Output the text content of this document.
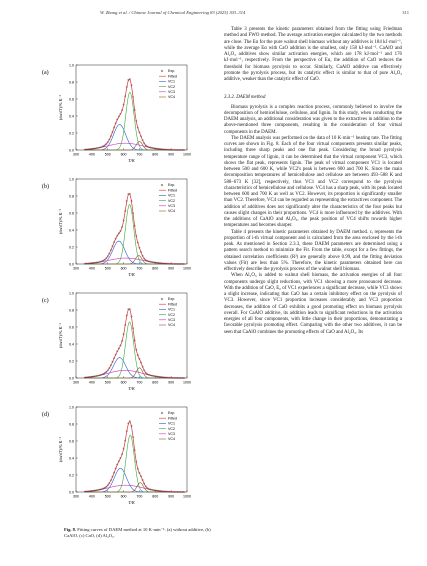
W. Zhang et al. / Chinese Journal of Chemical Engineering 83 (2025) 303–314	311
(a)
300	400	500	600	700	800	900 1000
0.0
0.2
0.4
0.6
0.8
1.0
T/K
(dα/dT)/% K⁻¹
Exp.
Fitted
VC1
VC2
VC3
VC4
(b)
300	400	500	600	700	800	900 1000
0.0
0.2
0.4
0.6
0.8
1.0
T/K
(dα/dT)/% K⁻¹
Exp.
Fitted
VC1
VC2
VC3
VC4
(c)
300	400	500	600	700	800	900 1000
0.0
0.2
0.4
0.6
0.8
1.0
T/K
(dα/dT)/% K⁻¹
Exp.
Fitted
VC1
VC2
VC3
VC4
(d)
300	400	500	600	700	800	900 1000
0.0
0.2
0.4
0.6
0.8
1.0
T/K
(dα/dT)/% K⁻¹
Exp.
Fitted
VC1
VC2
VC3
VC4
Fig. 8. Fitting curves of DAEM method at 10 K·min⁻¹: (a) without additive, (b) CaAlO, (c) CaO, (d) Al₂O₃.

Table 3 presents the kinetic parameters obtained from the fitting using Friedman method and FWO method. The average activation energies calculated by the two methods are close. The Eα for the pure walnut shell biomass without any additives is 184 kJ·mol⁻¹, while the average Eα with CaO addition is the smallest, only 158 kJ·mol⁻¹. CaAlO and Al₂O₃ additives show similar activation energies, which are 178 kJ·mol⁻¹ and 176 kJ·mol⁻¹, respectively. From the perspective of Eα, the addition of CaO reduces the threshold for biomass pyrolysis to occur. Similarly, CaAlO additive can effectively promote the pyrolysis process, but its catalytic effect is similar to that of pure Al₂O₃ additive, weaker than the catalytic effect of CaO.

3.3.2. DAEM method

Biomass pyrolysis is a complex reaction process, commonly believed to involve the decomposition of hemicellulose, cellulose, and lignin. In this study, when conducting the DAEM analysis, an additional consideration was given to the extractives in addition to the above-mentioned three components, resulting in the consideration of four virtual components in the DAEM.

The DAEM analysis was performed on the data of 10 K·min⁻¹ heating rate. The fitting curves are shown in Fig. 8. Each of the four virtual components presents similar peaks, including three sharp peaks and one flat peak. Considering the broad pyrolysis temperature range of lignin, it can be determined that the virtual component VC3, which shows the flat peak, represents lignin. The peak of virtual component VC1 is located between 500 and 600 K, while VC2's peak is between 600 and 700 K. Since the main decomposition temperatures of hemicellulose and cellulose are between 493–588 K and 588–673 K [32], respectively, thus VC1 and VC2 correspond to the pyrolysis characteristics of hemicellulose and cellulose. VC4 has a sharp peak, with its peak located between 600 and 700 K as well as VC2. However, its proportion is significantly smaller than VC2. Therefore, VC4 can be regarded as representing the extractives component. The addition of additives does not significantly alter the characteristics of the four peaks but causes slight changes in their proportions. VC4 is more influenced by the additives. With the additions of CaAlO and Al₂O₃, the peak position of VC4 shifts towards higher temperatures and becomes sharper.

Table 4 presents the kinetic parameters obtained by DAEM method. cᵢ represents the proportion of i-th virtual component and is calculated from the area enclosed by the i-th peak. As mentioned in Section 2.3.3, these DAEM parameters are determined using a pattern search method to minimize the Fit. From the table, except for a few fittings, the obtained correlation coefficients (R²) are generally above 0.99, and the fitting deviation values (Fit) are less than 5%. Therefore, the kinetic parameters obtained here can effectively describe the pyrolysis process of the walnut shell biomass.

When Al₂O₃ is added to walnut shell biomass, the activation energies of all four components undergo slight reductions, with VC1 showing a more pronounced decrease. With the addition of CaO, E₀ of VC1 experiences a significant decrease, while VC3 shows a slight increase, indicating that CaO has a certain inhibitory effect on the pyrolysis of VC3. However, since VC1 proportion increases considerably and VC3 proportion decreases, the addition of CaO exhibits a good promoting effect on biomass pyrolysis overall. For CaAlO additive, its addition leads to significant reductions in the activation energies of all four components, with little change in their proportions, demonstrating a favorable pyrolysis promoting effect. Comparing with the other two additives, it can be seen that CaAlO combines the promoting effects of CaO and Al₂O₃. Its
